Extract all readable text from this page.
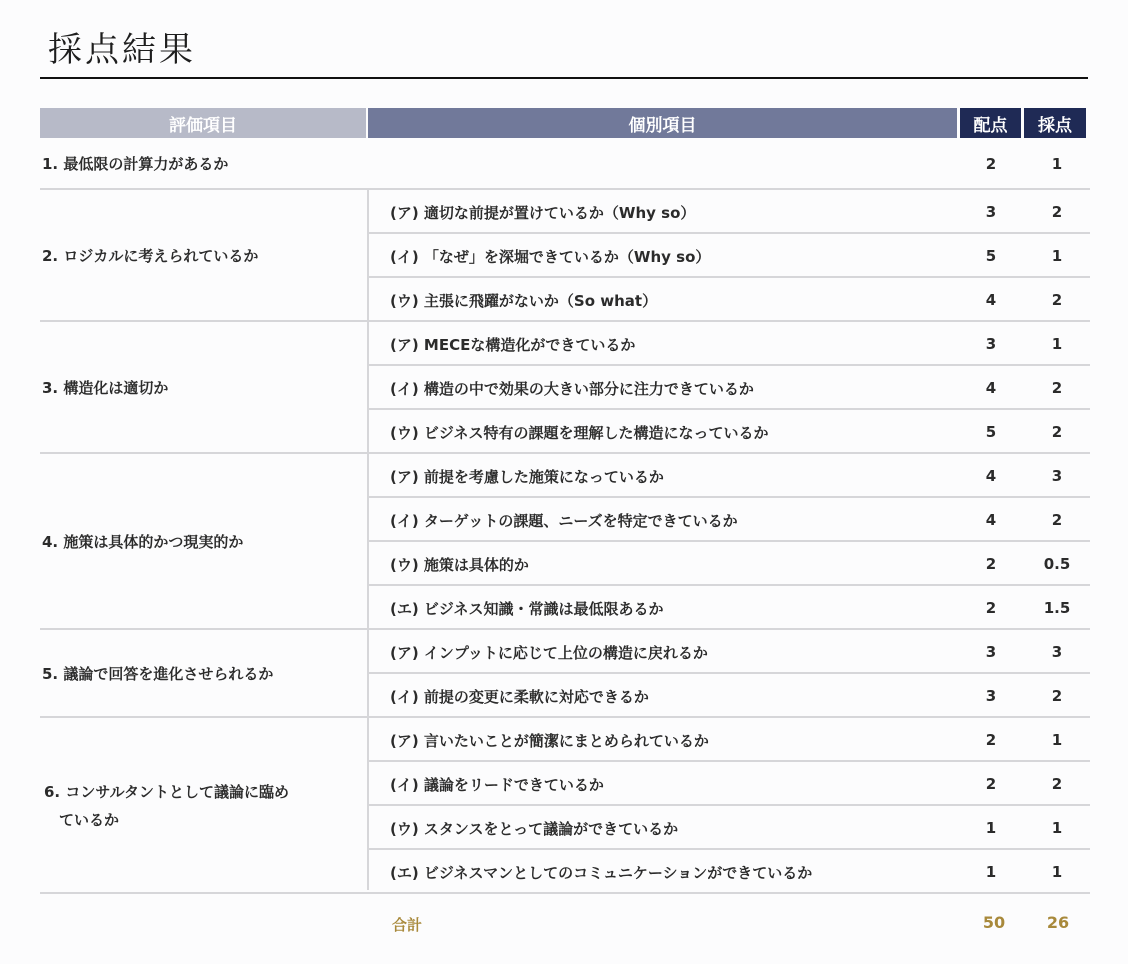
採点結果
評価項目	個別項目	配点	採点
1. 最低限の計算力があるか	2	1
2. ロジカルに考えられているか
(ア) 適切な前提が置けているか（Why so）	3	2
(イ) 「なぜ」を深堀できているか（Why so）	5	1
(ウ) 主張に飛躍がないか（So what）	4	2
3. 構造化は適切か
(ア) MECEな構造化ができているか	3	1
(イ) 構造の中で効果の大きい部分に注力できているか	4	2
(ウ) ビジネス特有の課題を理解した構造になっているか	5	2
4. 施策は具体的かつ現実的か
(ア) 前提を考慮した施策になっているか	4	3
(イ) ターゲットの課題、ニーズを特定できているか	4	2
(ウ) 施策は具体的か	2	0.5
(エ) ビジネス知識・常識は最低限あるか	2	1.5
5. 議論で回答を進化させられるか
(ア) インプットに応じて上位の構造に戻れるか	3	3
(イ) 前提の変更に柔軟に対応できるか	3	2
6. コンサルタントとして議論に臨め
　ているか
(ア) 言いたいことが簡潔にまとめられているか	2	1
(イ) 議論をリードできているか	2	2
(ウ) スタンスをとって議論ができているか	1	1
(エ) ビジネスマンとしてのコミュニケーションができているか	1	1
合計	50	26
